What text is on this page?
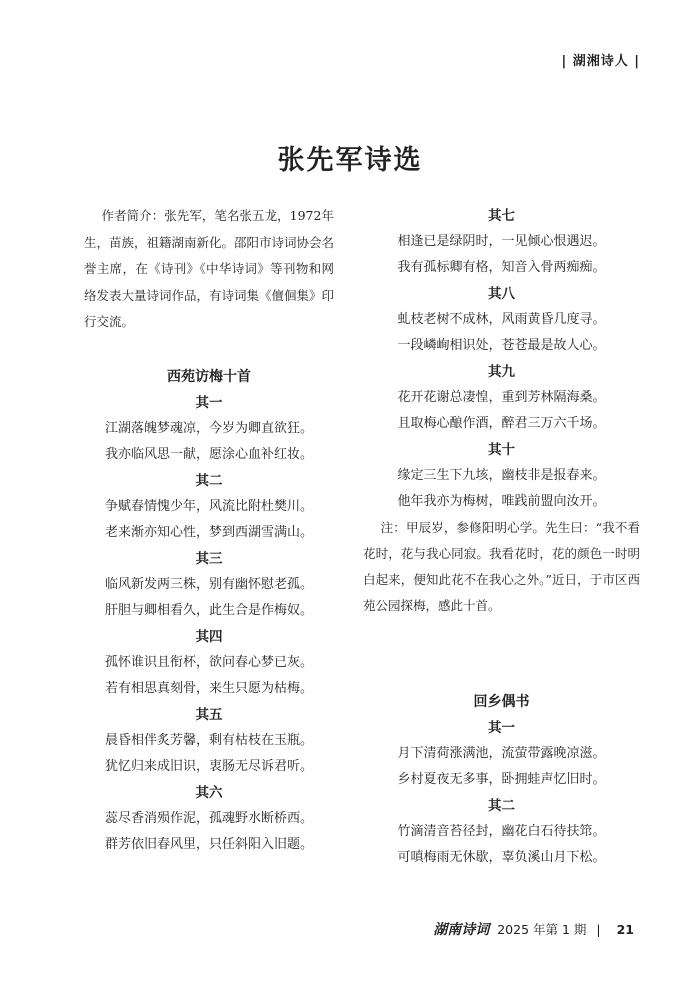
| 湖湘诗人 |
张先军诗选
作者简介：张先军，笔名张五龙，1972年生，苗族，祖籍湖南新化。邵阳市诗词协会名誉主席，在《诗刊》《中华诗词》等刊物和网络发表大量诗词作品，有诗词集《儃佪集》印行交流。
西苑访梅十首
其一
江湖落魄梦魂凉，今岁为卿直欲狂。
我亦临风思一献，愿涂心血补红妆。
其二
争赋春情愧少年，风流比附杜樊川。
老来渐亦知心性，梦到西湖雪满山。
其三
临风新发两三株，别有幽怀慰老孤。
肝胆与卿相看久，此生合是作梅奴。
其四
孤怀谁识且衔杯，欲问春心梦已灰。
若有相思真刻骨，来生只愿为枯梅。
其五
晨昏相伴炙芳馨，剩有枯枝在玉瓶。
犹忆归来成旧识，衷肠无尽诉君听。
其六
蕊尽香消殒作泥，孤魂野水断桥西。
群芳依旧春风里，只任斜阳入旧题。
其七
相逢已是绿阴时，一见倾心恨遇迟。
我有孤标卿有格，知音入骨两痴痴。
其八
虬枝老树不成林，风雨黄昏几度寻。
一段嶙峋相识处，苍苍最是故人心。
其九
花开花谢总凄惶，重到芳林隔海桑。
且取梅心酿作酒，醉君三万六千场。
其十
缘定三生下九垓，幽枝非是报春来。
他年我亦为梅树，唯践前盟向汝开。
注：甲辰岁，参修阳明心学。先生曰：“我不看花时，花与我心同寂。我看花时，花的颜色一时明白起来，便知此花不在我心之外。”近日，于市区西苑公园探梅，感此十首。
回乡偶书
其一
月下清荷涨满池，流萤带露晚凉滋。
乡村夏夜无多事，卧拥蛙声忆旧时。
其二
竹滴清音苔径封，幽花白石待扶筇。
可嗔梅雨无休歇，辜负溪山月下松。
湖南诗词 2025 年第 1 期 | 21
